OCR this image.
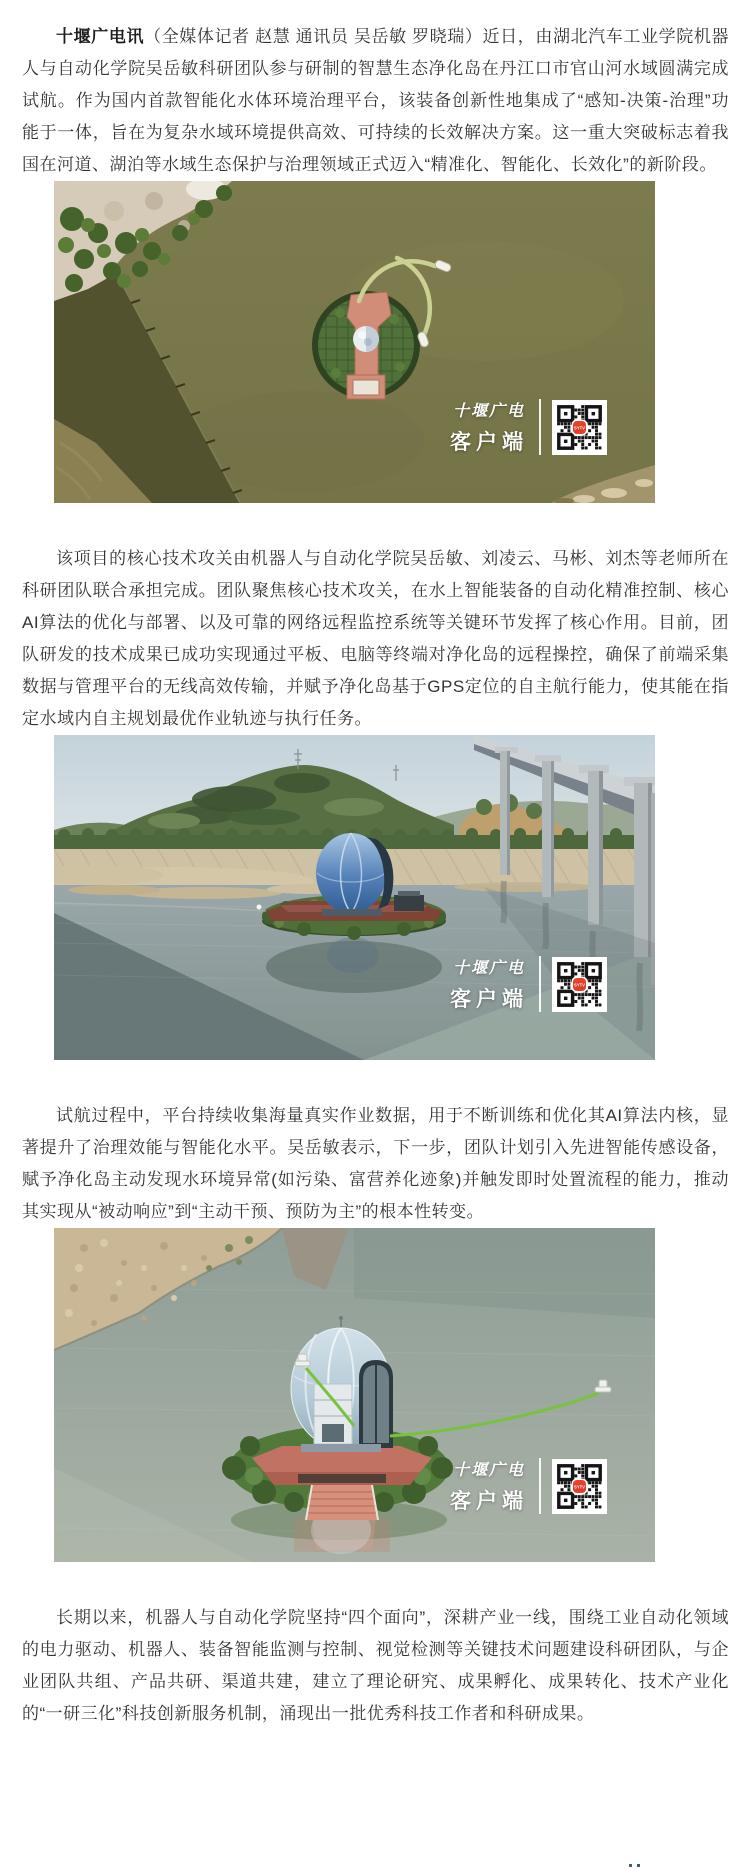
十堰广电讯（全媒体记者 赵慧 通讯员 吴岳敏 罗晓瑞）近日，由湖北汽车工业学院机器人与自动化学院吴岳敏科研团队参与研制的智慧生态净化岛在丹江口市官山河水域圆满完成试航。作为国内首款智能化水体环境治理平台，该装备创新性地集成了“感知-决策-治理”功能于一体，旨在为复杂水域环境提供高效、可持续的长效解决方案。这一重大突破标志着我国在河道、湖泊等水域生态保护与治理领域正式迈入“精准化、智能化、长效化”的新阶段。

十堰广电
客户端
SYTV

该项目的核心技术攻关由机器人与自动化学院吴岳敏、刘凌云、马彬、刘杰等老师所在科研团队联合承担完成。团队聚焦核心技术攻关，在水上智能装备的自动化精准控制、核心AI算法的优化与部署、以及可靠的网络远程监控系统等关键环节发挥了核心作用。目前，团队研发的技术成果已成功实现通过平板、电脑等终端对净化岛的远程操控，确保了前端采集数据与管理平台的无线高效传输，并赋予净化岛基于GPS定位的自主航行能力，使其能在指定水域内自主规划最优作业轨迹与执行任务。

十堰广电
客户端
SYTV

试航过程中，平台持续收集海量真实作业数据，用于不断训练和优化其AI算法内核，显著提升了治理效能与智能化水平。吴岳敏表示，下一步，团队计划引入先进智能传感设备，赋予净化岛主动发现水环境异常(如污染、富营养化迹象)并触发即时处置流程的能力，推动其实现从“被动响应”到“主动干预、预防为主”的根本性转变。

十堰广电
客户端
SYTV

长期以来，机器人与自动化学院坚持“四个面向”，深耕产业一线，围绕工业自动化领域的电力驱动、机器人、装备智能监测与控制、视觉检测等关键技术问题建设科研团队，与企业团队共组、产品共研、渠道共建，建立了理论研究、成果孵化、成果转化、技术产业化的“一研三化”科技创新服务机制，涌现出一批优秀科技工作者和科研成果。
